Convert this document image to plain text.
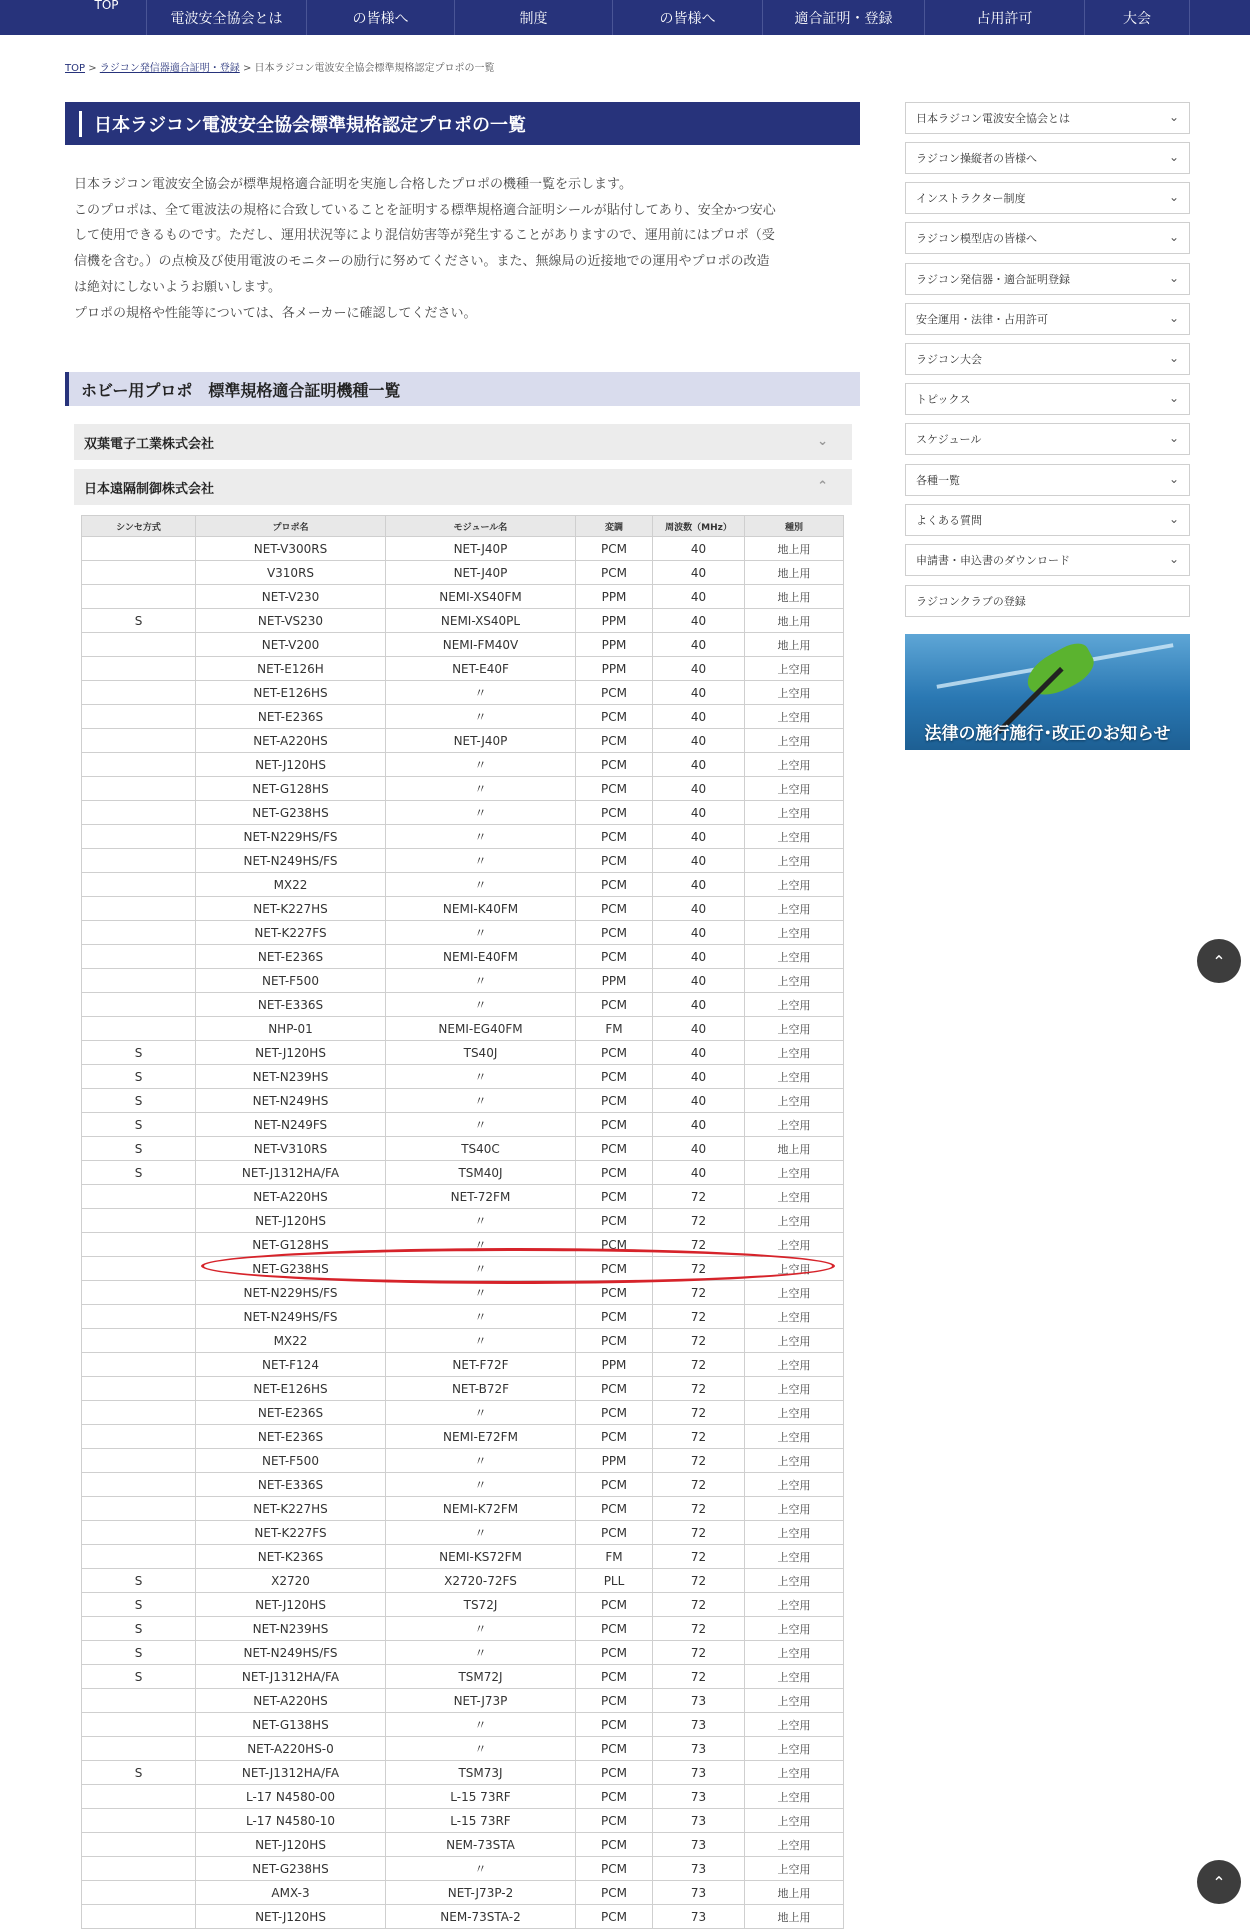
TOP
電波安全協会とは	の皆様へ	制度	の皆様へ	適合証明・登録	占用許可	大会
TOP > ラジコン発信器適合証明・登録 > 日本ラジコン電波安全協会標準規格認定プロポの一覧
日本ラジコン電波安全協会標準規格認定プロポの一覧

日本ラジコン電波安全協会が標準規格適合証明を実施し合格したプロポの機種一覧を示します。

このプロポは、全て電波法の規格に合致していることを証明する標準規格適合証明シールが貼付してあり、安全かつ安心

して使用できるものです。ただし、運用状況等により混信妨害等が発生することがありますので、運用前にはプロポ（受

信機を含む。）の点検及び使用電波のモニターの励行に努めてください。また、無線局の近接地での運用やプロポの改造

は絶対にしないようお願いします。

プロポの規格や性能等については、各メーカーに確認してください。

ホビー用プロポ　標準規格適合証明機種一覧
双葉電子工業株式会社	⌄
日本遠隔制御株式会社	⌃
シンセ方式	プロポ名	モジュール名	変調	周波数（MHz）	種別
	NET-V300RS	NET-J40P	PCM	40	地上用
	V310RS	NET-J40P	PCM	40	地上用
	NET-V230	NEMI-XS40FM	PPM	40	地上用
S	NET-VS230	NEMI-XS40PL	PPM	40	地上用
	NET-V200	NEMI-FM40V	PPM	40	地上用
	NET-E126H	NET-E40F	PPM	40	上空用
	NET-E126HS	〃	PCM	40	上空用
	NET-E236S	〃	PCM	40	上空用
	NET-A220HS	NET-J40P	PCM	40	上空用
	NET-J120HS	〃	PCM	40	上空用
	NET-G128HS	〃	PCM	40	上空用
	NET-G238HS	〃	PCM	40	上空用
	NET-N229HS/FS	〃	PCM	40	上空用
	NET-N249HS/FS	〃	PCM	40	上空用
	MX22	〃	PCM	40	上空用
	NET-K227HS	NEMI-K40FM	PCM	40	上空用
	NET-K227FS	〃	PCM	40	上空用
	NET-E236S	NEMI-E40FM	PCM	40	上空用
	NET-F500	〃	PPM	40	上空用
	NET-E336S	〃	PCM	40	上空用
	NHP-01	NEMI-EG40FM	FM	40	上空用
S	NET-J120HS	TS40J	PCM	40	上空用
S	NET-N239HS	〃	PCM	40	上空用
S	NET-N249HS	〃	PCM	40	上空用
S	NET-N249FS	〃	PCM	40	上空用
S	NET-V310RS	TS40C	PCM	40	地上用
S	NET-J1312HA/FA	TSM40J	PCM	40	上空用
	NET-A220HS	NET-72FM	PCM	72	上空用
	NET-J120HS	〃	PCM	72	上空用
	NET-G128HS	〃	PCM	72	上空用
	NET-G238HS	〃	PCM	72	上空用
	NET-N229HS/FS	〃	PCM	72	上空用
	NET-N249HS/FS	〃	PCM	72	上空用
	MX22	〃	PCM	72	上空用
	NET-F124	NET-F72F	PPM	72	上空用
	NET-E126HS	NET-B72F	PCM	72	上空用
	NET-E236S	〃	PCM	72	上空用
	NET-E236S	NEMI-E72FM	PCM	72	上空用
	NET-F500	〃	PPM	72	上空用
	NET-E336S	〃	PCM	72	上空用
	NET-K227HS	NEMI-K72FM	PCM	72	上空用
	NET-K227FS	〃	PCM	72	上空用
	NET-K236S	NEMI-KS72FM	FM	72	上空用
S	X2720	X2720-72FS	PLL	72	上空用
S	NET-J120HS	TS72J	PCM	72	上空用
S	NET-N239HS	〃	PCM	72	上空用
S	NET-N249HS/FS	〃	PCM	72	上空用
S	NET-J1312HA/FA	TSM72J	PCM	72	上空用
	NET-A220HS	NET-J73P	PCM	73	上空用
	NET-G138HS	〃	PCM	73	上空用
	NET-A220HS-0	〃	PCM	73	上空用
S	NET-J1312HA/FA	TSM73J	PCM	73	上空用
	L-17 N4580-00	L-15 73RF	PCM	73	上空用
	L-17 N4580-10	L-15 73RF	PCM	73	上空用
	NET-J120HS	NEM-73STA	PCM	73	上空用
	NET-G238HS	〃	PCM	73	上空用
	AMX-3	NET-J73P-2	PCM	73	地上用
	NET-J120HS	NEM-73STA-2	PCM	73	地上用
日本ラジコン電波安全協会とは	⌄
ラジコン操縦者の皆様へ	⌄
インストラクター制度	⌄
ラジコン模型店の皆様へ	⌄
ラジコン発信器・適合証明登録	⌄
安全運用・法律・占用許可	⌄
ラジコン大会	⌄
トピックス	⌄
スケジュール	⌄
各種一覧	⌄
よくある質問	⌄
申請書・申込書のダウンロード	⌄
ラジコンクラブの登録
法律の施行施行･改正のお知らせ
⌃
⌃
